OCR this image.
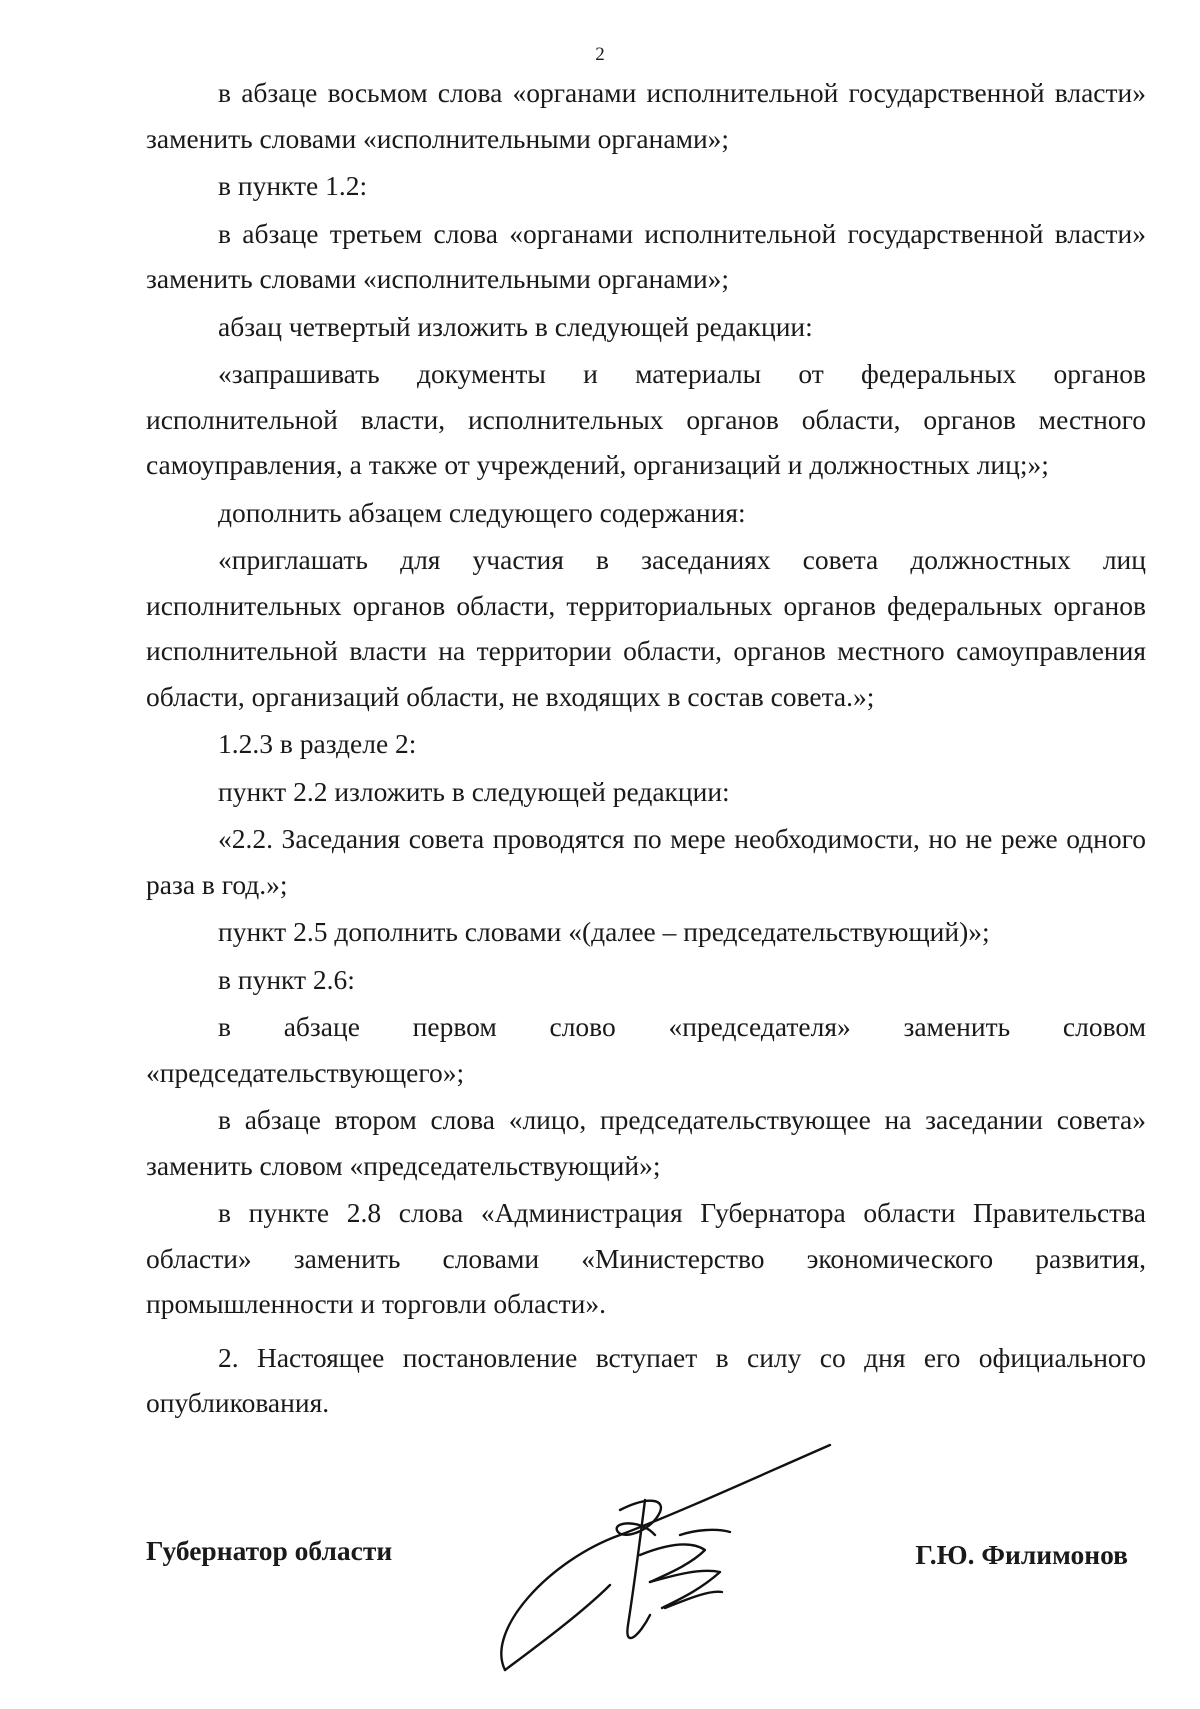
2

в абзаце восьмом слова «органами исполнительной государственной власти» заменить словами «исполнительными органами»;

в пункте 1.2:

в абзаце третьем слова «органами исполнительной государственной власти» заменить словами «исполнительными органами»;

абзац четвертый изложить в следующей редакции:

«запрашивать документы и материалы от федеральных органов исполнительной власти, исполнительных органов области, органов местного самоуправления, а также от учреждений, организаций и должностных лиц;»;

дополнить абзацем следующего содержания:

«приглашать для участия в заседаниях совета должностных лиц исполнительных органов области, территориальных органов федеральных органов исполнительной власти на территории области, органов местного самоуправления области, организаций области, не входящих в состав совета.»;

1.2.3 в разделе 2:

пункт 2.2 изложить в следующей редакции:

«2.2. Заседания совета проводятся по мере необходимости, но не реже одного раза в год.»;

пункт 2.5 дополнить словами «(далее – председательствующий)»;

в пункт 2.6:

в абзаце первом слово «председателя» заменить словом «председательствующего»;

в абзаце втором слова «лицо, председательствующее на заседании совета» заменить словом «председательствующий»;

в пункте 2.8 слова «Администрация Губернатора области Правительства области» заменить словами «Министерство экономического развития, промышленности и торговли области».

2. Настоящее постановление вступает в силу со дня его официального опубликования.

Губернатор области	Г.Ю. Филимонов
